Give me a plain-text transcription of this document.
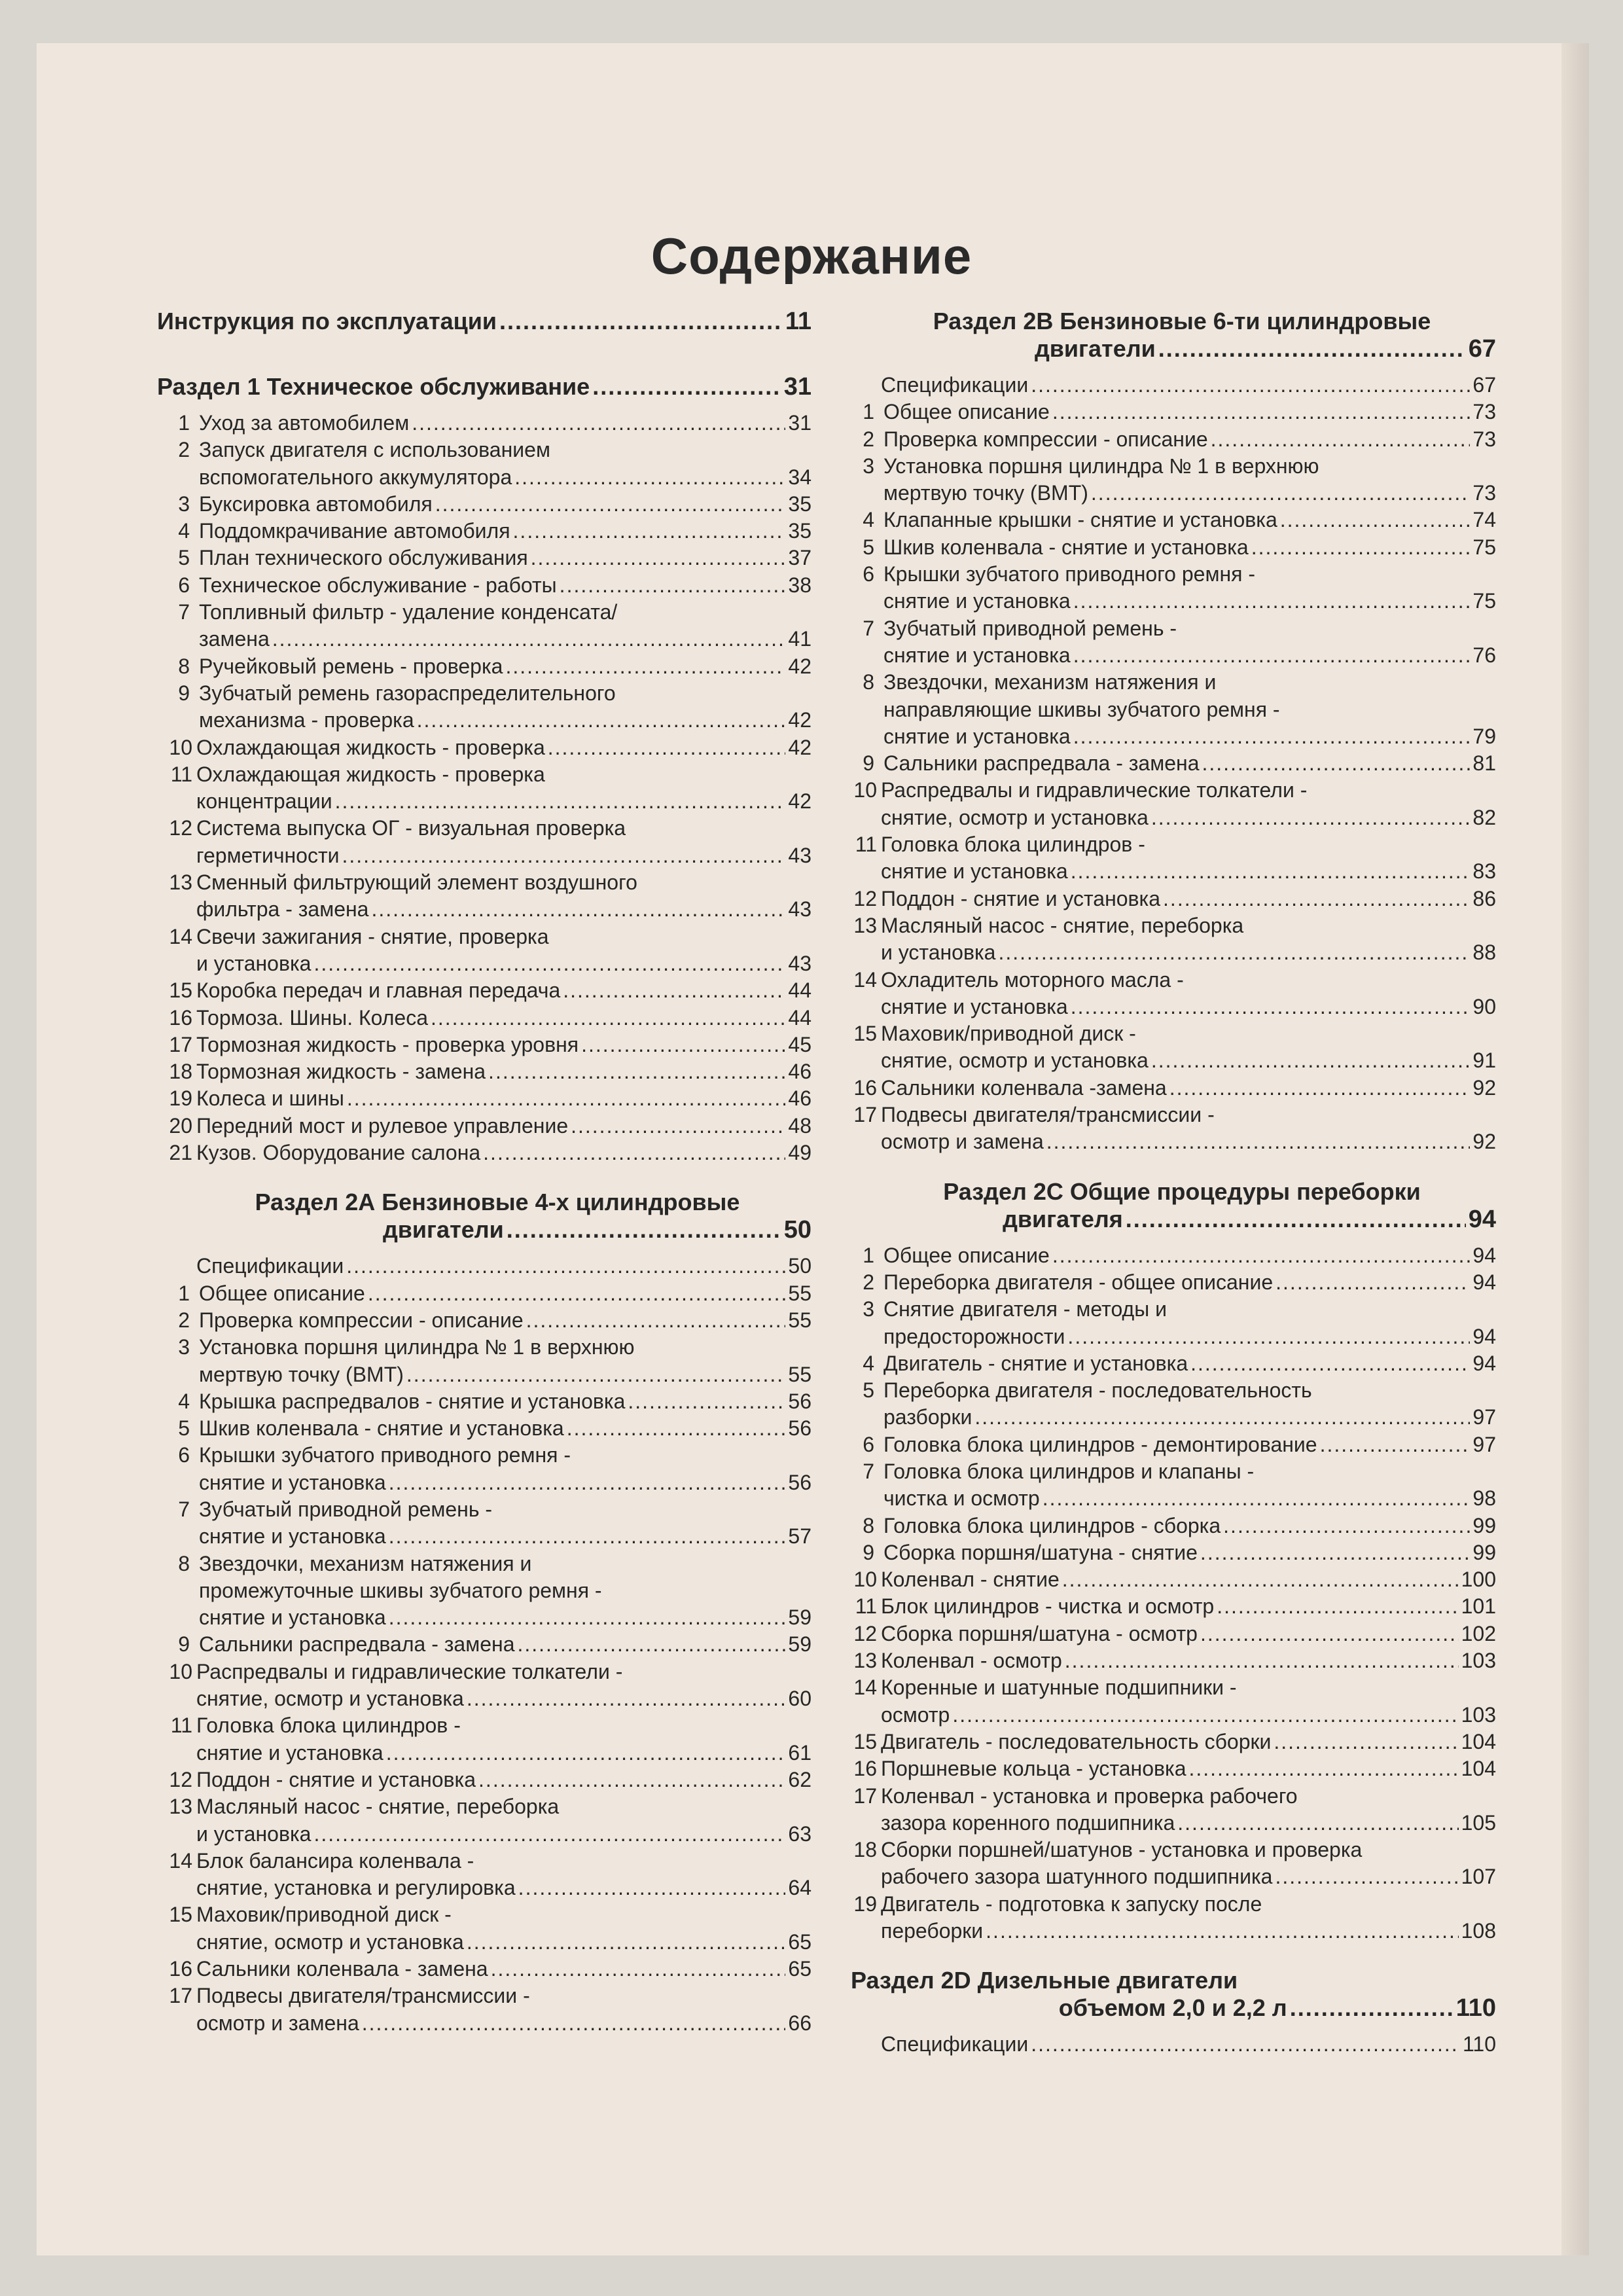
Содержание
Инструкция по эксплуатации .....	11
Раздел 1 Техническое обслуживание .....	31
1 Уход за автомобилем .....	31
2 Запуск двигателя с использованием
вспомогательного аккумулятора .....	34
3 Буксировка автомобиля .....	35
4 Поддомкрачивание автомобиля .....	35
5 План технического обслуживания .....	37
6 Техническое обслуживание - работы .....	38
7 Топливный фильтр - удаление конденсата/
замена .....	41
8 Ручейковый ремень - проверка .....	42
9 Зубчатый ремень газораспределительного
механизма - проверка .....	42
10 Охлаждающая жидкость - проверка .....	42
11 Охлаждающая жидкость - проверка
концентрации .....	42
12 Система выпуска ОГ - визуальная проверка
герметичности .....	43
13 Сменный фильтрующий элемент воздушного
фильтра - замена .....	43
14 Свечи зажигания - снятие, проверка
и установка .....	43
15 Коробка передач и главная передача .....	44
16 Тормоза. Шины. Колеса .....	44
17 Тормозная жидкость - проверка уровня .....	45
18 Тормозная жидкость - замена .....	46
19 Колеса и шины .....	46
20 Передний мост и рулевое управление .....	48
21 Кузов. Оборудование салона .....	49
Раздел 2А Бензиновые 4-х цилиндровые
двигатели .....	50
Спецификации .....	50
1 Общее описание .....	55
2 Проверка компрессии - описание .....	55
3 Установка поршня цилиндра № 1 в верхнюю
мертвую точку (ВМТ) .....	55
4 Крышка распредвалов - снятие и установка .....	56
5 Шкив коленвала - снятие и установка .....	56
6 Крышки зубчатого приводного ремня -
снятие и установка .....	56
7 Зубчатый приводной ремень -
снятие и установка .....	57
8 Звездочки, механизм натяжения и
промежуточные шкивы зубчатого ремня -
снятие и установка .....	59
9 Сальники распредвала - замена .....	59
10 Распредвалы и гидравлические толкатели -
снятие, осмотр и установка .....	60
11 Головка блока цилиндров -
снятие и установка .....	61
12 Поддон - снятие и установка .....	62
13 Масляный насос - снятие, переборка
и установка .....	63
14 Блок балансира коленвала -
снятие, установка и регулировка .....	64
15 Маховик/приводной диск -
снятие, осмотр и установка .....	65
16 Сальники коленвала - замена .....	65
17 Подвесы двигателя/трансмиссии -
осмотр и замена .....	66
Раздел 2В Бензиновые 6-ти цилиндровые
двигатели .....	67
Спецификации .....	67
1 Общее описание .....	73
2 Проверка компрессии - описание .....	73
3 Установка поршня цилиндра № 1 в верхнюю
мертвую точку (ВМТ) .....	73
4 Клапанные крышки - снятие и установка .....	74
5 Шкив коленвала - снятие и установка .....	75
6 Крышки зубчатого приводного ремня -
снятие и установка .....	75
7 Зубчатый приводной ремень -
снятие и установка .....	76
8 Звездочки, механизм натяжения и
направляющие шкивы зубчатого ремня -
снятие и установка .....	79
9 Сальники распредвала - замена .....	81
10 Распредвалы и гидравлические толкатели -
снятие, осмотр и установка .....	82
11 Головка блока цилиндров -
снятие и установка .....	83
12 Поддон - снятие и установка .....	86
13 Масляный насос - снятие, переборка
и установка .....	88
14 Охладитель моторного масла -
снятие и установка .....	90
15 Маховик/приводной диск -
снятие, осмотр и установка .....	91
16 Сальники коленвала -замена .....	92
17 Подвесы двигателя/трансмиссии -
осмотр и замена .....	92
Раздел 2С Общие процедуры переборки
двигателя .....	94
1 Общее описание .....	94
2 Переборка двигателя - общее описание .....	94
3 Снятие двигателя - методы и
предосторожности .....	94
4 Двигатель - снятие и установка .....	94
5 Переборка двигателя - последовательность
разборки .....	97
6 Головка блока цилиндров - демонтирование .....	97
7 Головка блока цилиндров и клапаны -
чистка и осмотр .....	98
8 Головка блока цилиндров - сборка .....	99
9 Сборка поршня/шатуна - снятие .....	99
10 Коленвал - снятие .....	100
11 Блок цилиндров - чистка и осмотр .....	101
12 Сборка поршня/шатуна - осмотр .....	102
13 Коленвал - осмотр .....	103
14 Коренные и шатунные подшипники -
осмотр .....	103
15 Двигатель - последовательность сборки .....	104
16 Поршневые кольца - установка .....	104
17 Коленвал - установка и проверка рабочего
зазора коренного подшипника .....	105
18 Сборки поршней/шатунов - установка и проверка
рабочего зазора шатунного подшипника .....	107
19 Двигатель - подготовка к запуску после
переборки .....	108
Раздел 2D Дизельные двигатели
объемом 2,0 и 2,2 л .....	110
Спецификации .....	110
